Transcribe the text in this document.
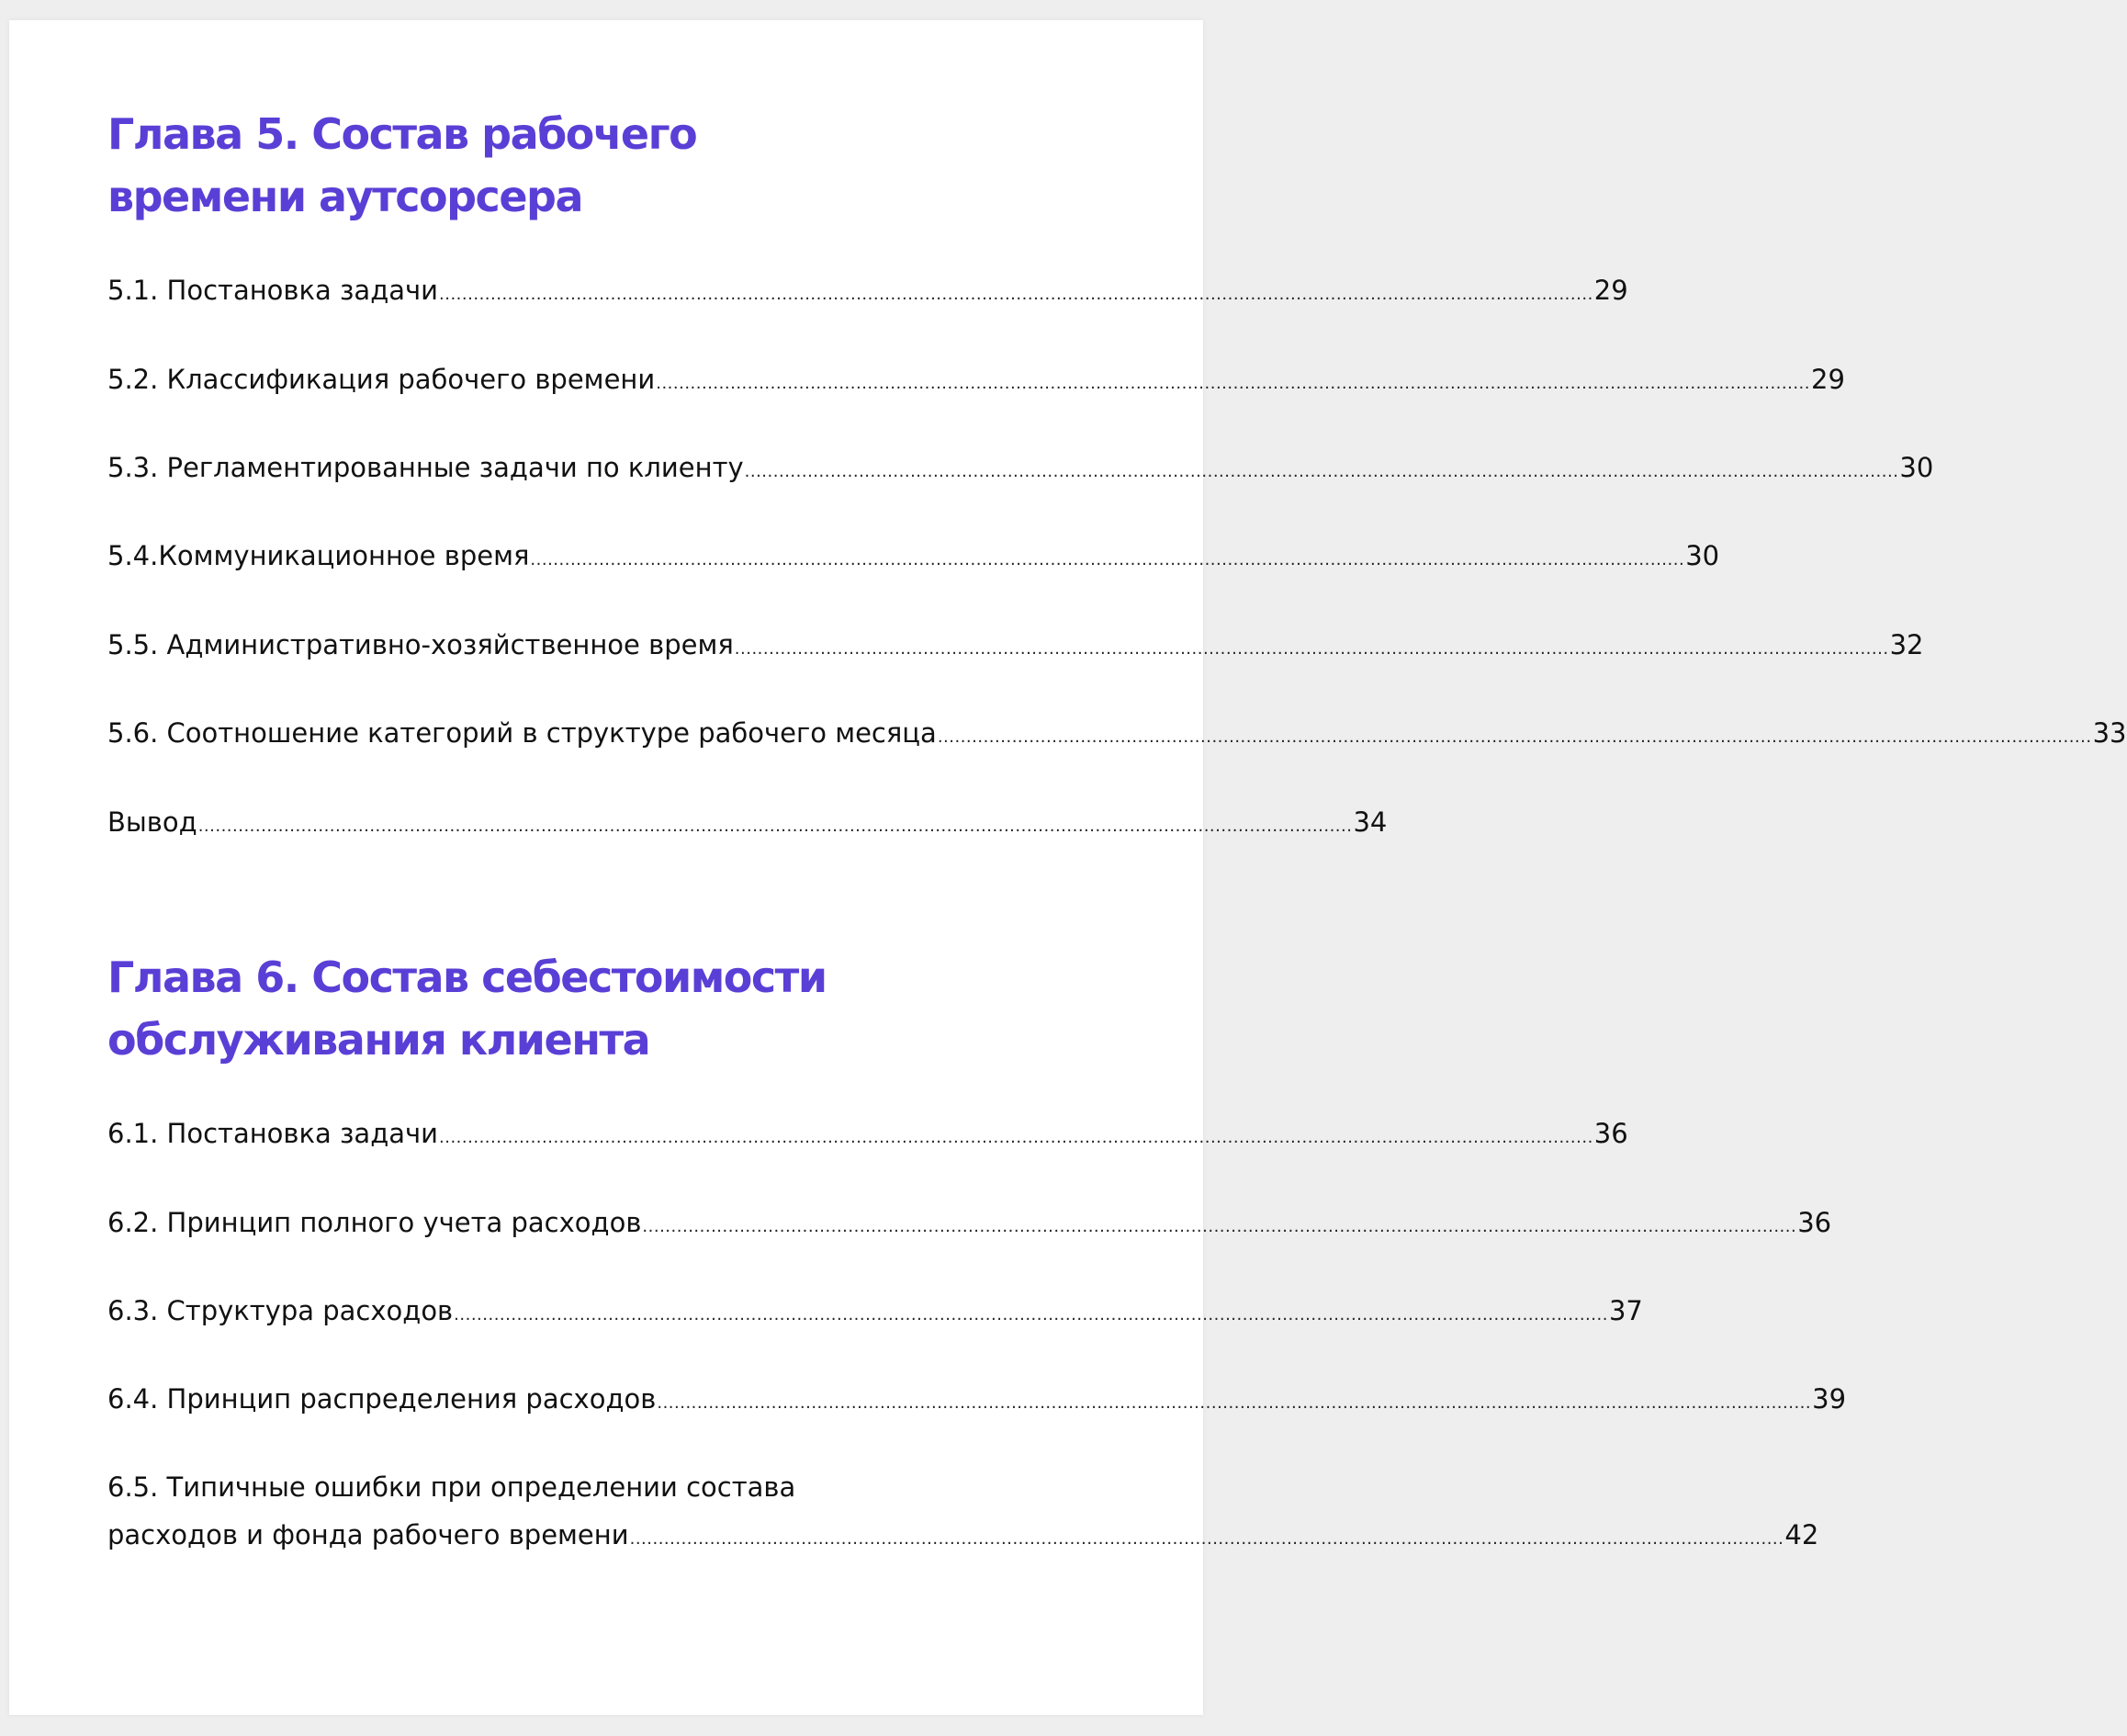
Глава 5. Состав рабочего
времени аутсорсера
5.1. Постановка задачи .......................................................................................................................................................................................................... 29
5.2. Классификация рабочего времени .......................................................................................................................................................................................................... 29
5.3. Регламентированные задачи по клиенту .......................................................................................................................................................................................................... 30
5.4.Коммуникационное время .......................................................................................................................................................................................................... 30
5.5. Административно-хозяйственное время .......................................................................................................................................................................................................... 32
5.6. Соотношение категорий в структуре рабочего месяца .......................................................................................................................................................................................................... 33
Вывод .......................................................................................................................................................................................................... 34
Глава 6. Состав себестоимости
обслуживания клиента
6.1. Постановка задачи .......................................................................................................................................................................................................... 36
6.2. Принцип полного учета расходов .......................................................................................................................................................................................................... 36
6.3. Структура расходов .......................................................................................................................................................................................................... 37
6.4. Принцип распределения расходов .......................................................................................................................................................................................................... 39
6.5. Типичные ошибки при определении состава
расходов и фонда рабочего времени .......................................................................................................................................................................................................... 42
